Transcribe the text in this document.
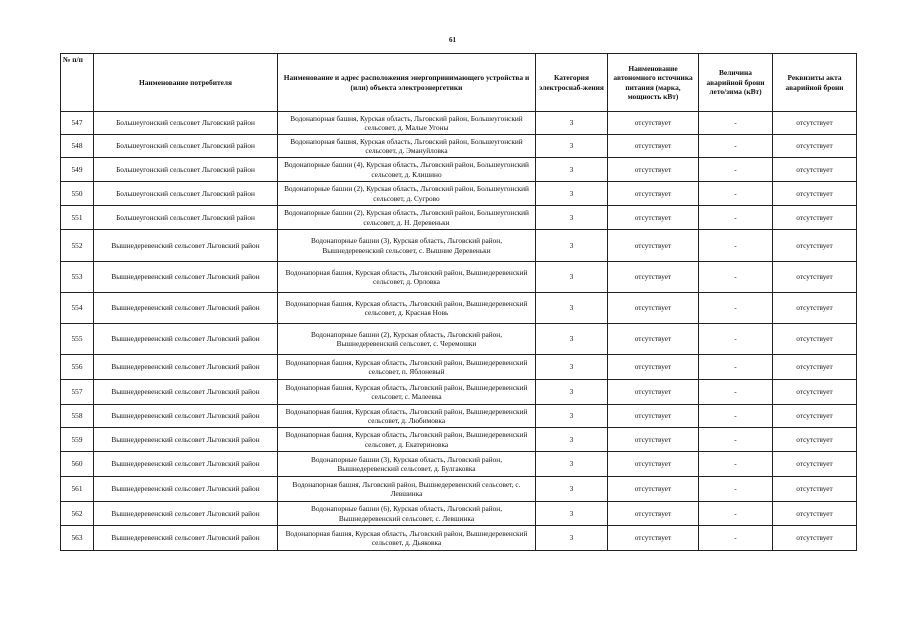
61
№ п/п	Наименование потребителя	Наименование и адрес расположения энергопринимающего устройства и (или) объекта электроэнергетики	Категория электроснаб-жения	Наименование автономного источника питания (марка, мощность кВт)	Величина аварийной брони лето/зима (кВт)	Реквизиты акта аварийной брони
547	Большеугонский сельсовет Льговский район	Водонапорная башня, Курская область, Льговский район, Большеугонский сельсовет, д. Малые Угоны	3	отсутствует	-	отсутствует
548	Большеугонский сельсовет Льговский район	Водонапорная башня, Курская область, Льговский район, Большеугонский сельсовет, д. Эмануйловка	3	отсутствует	-	отсутствует
549	Большеугонский сельсовет Льговский район	Водонапорные башни (4), Курская область, Льговский район, Большеугонский сельсовет, д. Клишино	3	отсутствует	-	отсутствует
550	Большеугонский сельсовет Льговский район	Водонапорные башни (2), Курская область, Льговский район, Большеугонский сельсовет, д. Сугрово	3	отсутствует	-	отсутствует
551	Большеугонский сельсовет Льговский район	Водонапорные башни (2), Курская область, Льговский район, Большеугонский сельсовет, д. Н. Деревеньки	3	отсутствует	-	отсутствует
552	Вышнедеревенский сельсовет Льговский район	Водонапорные башни (3), Курская область, Льговский район, Вышнедеревенский сельсовет, с. Вышние Деревеньки	3	отсутствует	-	отсутствует
553	Вышнедеревенский сельсовет Льговский район	Водонапорная башня, Курская область, Льговский район, Вышнедеревенский сельсовет, д. Орловка	3	отсутствует	-	отсутствует
554	Вышнедеревенский сельсовет Льговский район	Водонапорная башня, Курская область, Льговский район, Вышнедеревенский сельсовет, д. Красная Новь	3	отсутствует	-	отсутствует
555	Вышнедеревенский сельсовет Льговский район	Водонапорные башни (2), Курская область, Льговский район, Вышнедеревенский сельсовет, с. Черемошки	3	отсутствует	-	отсутствует
556	Вышнедеревенский сельсовет Льговский район	Водонапорная башня, Курская область, Льговский район, Вышнедеревенский сельсовет, п. Яблоневый	3	отсутствует	-	отсутствует
557	Вышнедеревенский сельсовет Льговский район	Водонапорная башня, Курская область, Льговский район, Вышнедеревенский сельсовет, с. Малеевка	3	отсутствует	-	отсутствует
558	Вышнедеревенский сельсовет Льговский район	Водонапорная башня, Курская область, Льговский район, Вышнедеревенский сельсовет, д. Любимовка	3	отсутствует	-	отсутствует
559	Вышнедеревенский сельсовет Льговский район	Водонапорная башня, Курская область, Льговский район, Вышнедеревенский сельсовет, д. Екатериновка	3	отсутствует	-	отсутствует
560	Вышнедеревенский сельсовет Льговский район	Водонапорные башни (3), Курская область, Льговский район, Вышнедеревенский сельсовет, д. Булгаковка	3	отсутствует	-	отсутствует
561	Вышнедеревенский сельсовет Льговский район	Водонапорная башня, Льговский район, Вышнедеревенский сельсовет, с. Левшинка	3	отсутствует	-	отсутствует
562	Вышнедеревенский сельсовет Льговский район	Водонапорные башни (6), Курская область, Льговский район, Вышнедеревенский сельсовет, с. Левшинка	3	отсутствует	-	отсутствует
563	Вышнедеревенский сельсовет Льговский район	Водонапорная башня, Курская область, Льговский район, Вышнедеревенский сельсовет, д. Дьяковка	3	отсутствует	-	отсутствует
